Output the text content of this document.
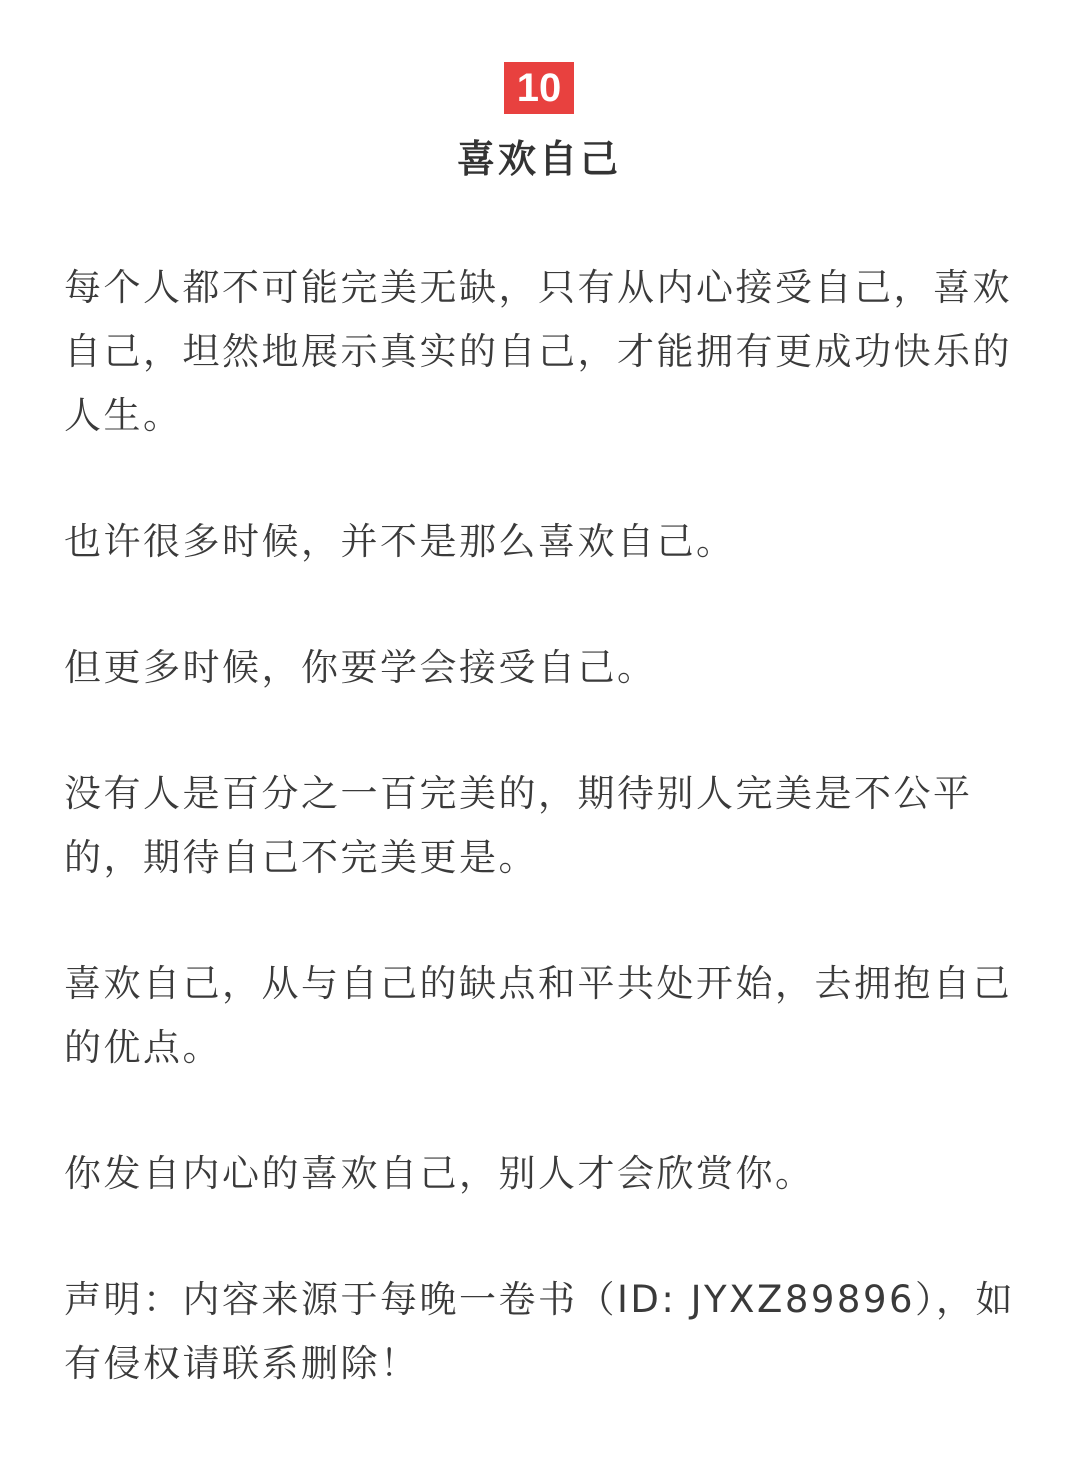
10
喜欢自己

每个人都不可能完美无缺，只有从内心接受自己，喜欢自己，坦然地展示真实的自己，才能拥有更成功快乐的人生。

也许很多时候，并不是那么喜欢自己。

但更多时候，你要学会接受自己。

没有人是百分之一百完美的，期待别人完美是不公平的，期待自己不完美更是。

喜欢自己，从与自己的缺点和平共处开始，去拥抱自己的优点。

你发自内心的喜欢自己，别人才会欣赏你。

声明：内容来源于每晚一卷书（ID: JYXZ89896），如有侵权请联系删除！
